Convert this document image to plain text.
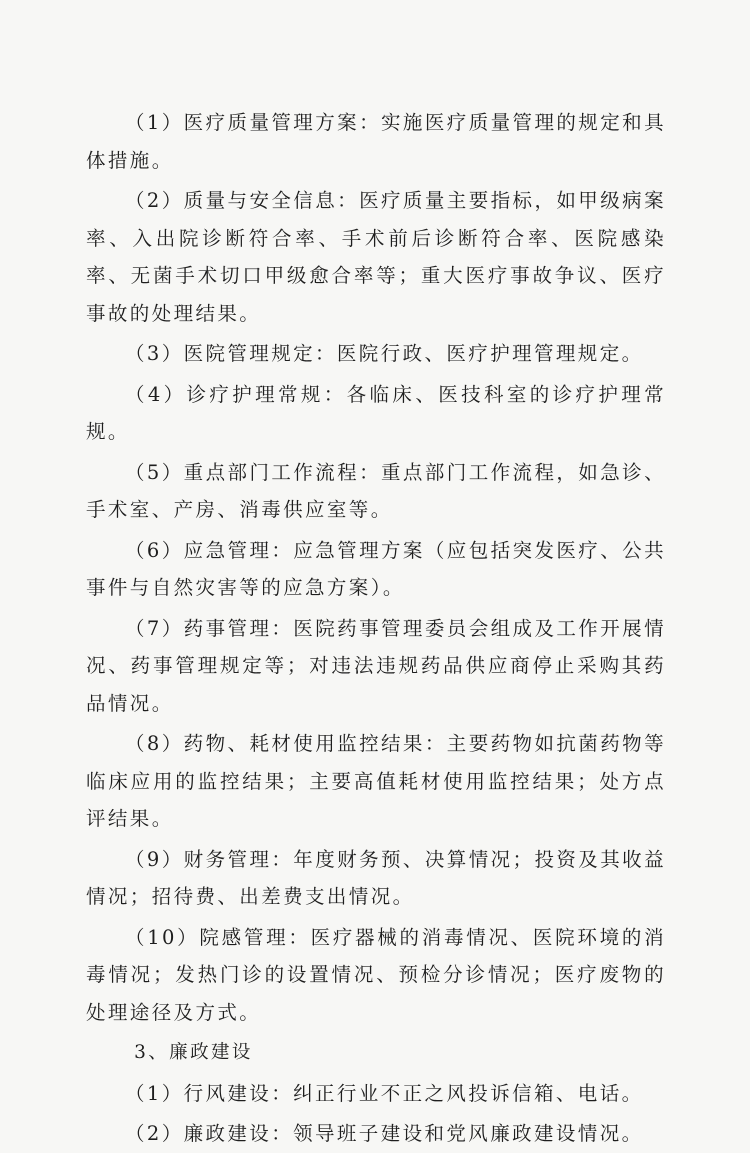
（1）医疗质量管理方案：实施医疗质量管理的规定和具体措施。

（2）质量与安全信息：医疗质量主要指标，如甲级病案率、入出院诊断符合率、手术前后诊断符合率、医院感染率、无菌手术切口甲级愈合率等；重大医疗事故争议、医疗事故的处理结果。

（3）医院管理规定：医院行政、医疗护理管理规定。

（4）诊疗护理常规：各临床、医技科室的诊疗护理常规。

（5）重点部门工作流程：重点部门工作流程，如急诊、手术室、产房、消毒供应室等。

（6）应急管理：应急管理方案（应包括突发医疗、公共事件与自然灾害等的应急方案）。

（7）药事管理：医院药事管理委员会组成及工作开展情况、药事管理规定等；对违法违规药品供应商停止采购其药品情况。

（8）药物、耗材使用监控结果：主要药物如抗菌药物等临床应用的监控结果；主要高值耗材使用监控结果；处方点评结果。

（9）财务管理：年度财务预、决算情况；投资及其收益情况；招待费、出差费支出情况。

（10）院感管理：医疗器械的消毒情况、医院环境的消毒情况；发热门诊的设置情况、预检分诊情况；医疗废物的处理途径及方式。

3、廉政建设

（1）行风建设：纠正行业不正之风投诉信箱、电话。

（2）廉政建设：领导班子建设和党风廉政建设情况。
